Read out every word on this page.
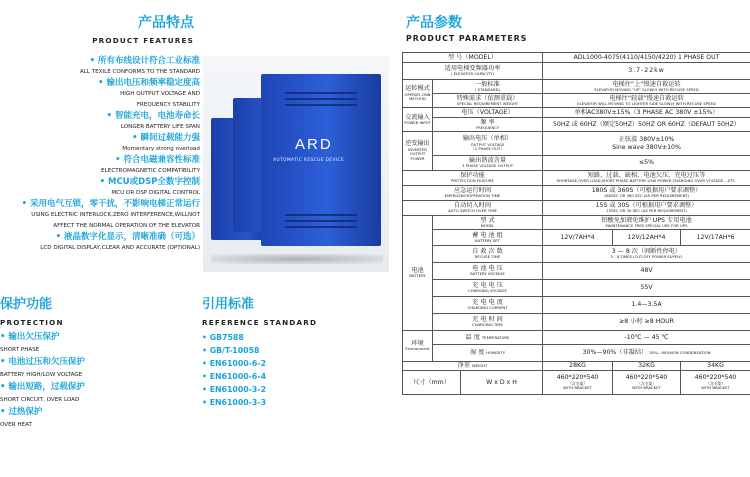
产品特点
PRODUCT FEATURES
• 所有布线设计符合工业标准
ALL TEXILE CONFORMS TO THE STANDARD
• 输出电压和频率稳定度高
HIGH OUTPUT VOLTAGE AND
FREQUENCY STABILITY
• 智能充电，电池寿命长
LONGER BATTERY LIFE SPAN
• 瞬间过载能力强
Momentary strong overload
• 符合电磁兼容性标准
ELECTROMAGNETIC COMPATIBILITY
• MCU或DSP全数字控制
MCU OR DSP DIGITAL CONTROL
• 采用电气互锁，零干扰，不影响电梯正常运行
USING ELECTRIC INTERLOCK,ZERO INTERFERENCE,WILLNOT
AFFECT THE NORMAL OPERATION OF THE ELEVATOR
• 液晶数字化显示，清晰准确（可选）
LCD DIGITAL DISPLAY,CLEAR AND ACCURATE (OPTIONAL)
ARD
AUTOMATIC RESCUE DEVICE
保护功能
PROTECTION
• 输出欠压保护
SHORT PHASE
• 电池过压和欠压保护
BATTERY HIGH/LOW VOLTAGE
• 输出短路，过载保护
SHORT CIRCUIT, OVER LOAD
• 过热保护
OVER HEAT
引用标准
REFERENCE STANDARD
• GB7588
• GB/T-10058
• EN61000-6-2
• EN61000-6-4
• EN61000-3-2
• EN61000-3-3
产品参数
PRODUCT PARAMETERS
型 号（MODEL）			ADL1000-4075(4110/4150/4220) 1 PHASE OUT		
适用电梯变频器功率
( ELEVATOR CAPACITY)			3.7-22kw		
运转模式
OPERATI-ONN
METHOD	一般标准
( STANDARD)		电梯往“上”慢速自救运转
ELEVATOR MOVING “UP” SLOWLY WITH RECUSE SPEED		

	特殊需求（依测重载）
SPECIAL REQUIREMENT WEIGHT		电梯往“轻载”慢速自救运转
ELEVATOR WILL MOVING TO LIGHTER SIDE SLOWLY WITH RECUSE SPEED		

交流输入
POWER INPUT	电压（VOLTAGE）		单相AC380V±15%（3 PHASE AC 380V ±15%）		
	频 率
FREQUENCY		50HZ 或 60HZ（额定50HZ）50HZ OR 60HZ（DEFAUT 50HZ）		
逆变输出
INVERTER OUTPUT POWER	输出电压（单相）
OUTPUT VOLTAGE
（1 PHASE OUT）		正弦波 380V±10%
Sine wave 380V±10%		
	输出谐波含量
3 PHASE VOLTAGE OUTPUT		≤5%		
保护功能
PROTECTION FEATURE			短路、过载、缺相、电池欠压、充电过压等
SHORTAGE,OVER LOAD,SHORT PHASE,BATTERY LOW POWER,CHARGING OVER VOLTAGE ...ETC.		

应急运行时间
EMERGENCYOPERATION TIME			180S 或 360S（可根据用户要求调整）
180SEC OR 360 SEC (AS PER REQUIREMENT)		

自动切入时间
AUTO SWITCH OVER TIME			15S 或 30S（可根据用户要求调整）
15SEC OR 30 SEC (AS PER REQUIREMENT)		

电池
BATTERY	型 式
MODEL		铅酸免加液免维护 UPS 专用电池
MAINTENANCE FREE SPECIAL USE FOR UPS		

	蓄 电 池 组
BATTERY SET		12V/7AH*4	12V/12AH*4	12V/17AH*6
	自 救 次 数
RECUSE TIME		3 — 8 次（间断性停电）
3 - 8 TIMES (CUT-OFF POWER SUPPLY)		

	电 池 电 压
BATTERY VOLTAGE		48V		
	充 电 电 压
CHARGING VOLTAGE		55V		
	充 电 电 流
CHARGING CURRENT		1.4—3.5A		
	充 电 时 间
CHARGING TIME		≥8 小时 ≥8 HOUR		
环境
Environment	温 度 TEMPERATURE		-10℃ — 45 ℃		
	湿 度 HUMIDITY		30%—90%（非凝结） 30%—90%NON CONDENSATION		
净重 WEIGHT			28KG	32KG	34KG
尺寸（mm）		W x D x H	460*220*540
（含支架）
WITH BRACKET	460*220*540
（含支架）
WITH BRACKET	460*220*540
（含支架）
WITH BRACKET
